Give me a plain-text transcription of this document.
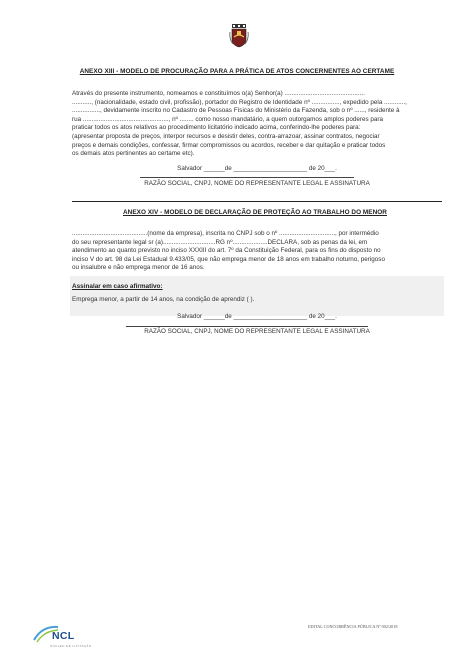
ANEXO XIII - MODELO DE PROCURAÇÃO PARA A PRÁTICA DE ATOS CONCERNENTES AO CERTAME

Através do presente instrumento, nomeamos e constituímos o(a) Senhor(a) ..............................................

..........., (nacionalidade, estado civil, profissão), portador do Registro de Identidade nº ................, expedido pela ............,

................, devidamente inscrito no Cadastro de Pessoas Físicas do Ministério da Fazenda, sob o nº ......, residente à

rua ................................................., nº ........ como nosso mandatário, a quem outorgamos amplos poderes para

praticar todos os atos relativos ao procedimento licitatório indicado acima, conferindo-lhe poderes para:

(apresentar proposta de preços, interpor recursos e desistir deles, contra-arrazoar, assinar contratos, negociar

preços e demais condições, confessar, firmar compromissos ou acordos, receber e dar quitação e praticar todos

os demais atos pertinentes ao certame etc).

Salvador ______de _____________________ de 20___.
RAZÃO SOCIAL, CNPJ, NOME DO REPRESENTANTE LEGAL E ASSINATURA
ANEXO XIV - MODELO DE DECLARAÇÃO DE PROTEÇÃO AO TRABALHO DO MENOR

...........................................(nome da empresa), inscrita no CNPJ sob o nº ................................, por intermédio

do seu representante legal sr (a)..............................RG nº....................DECLARA, sob as penas da lei, em

atendimento ao quanto previsto no inciso XXXIII do art. 7º da Constituição Federal, para os fins do disposto no

inciso V do art. 98 da Lei Estadual 9.433/05, que não emprega menor de 18 anos em trabalho noturno, perigoso

ou insalubre e não emprega menor de 16 anos.

Assinalar em caso afirmativo:
Emprega menor, a partir de 14 anos, na condição de aprendiz ( ).
Salvador ______de _____________________ de 20___.
RAZÃO SOCIAL, CNPJ, NOME DO REPRESENTANTE LEGAL E ASSINATURA
NCL
NÚCLEO DE LICITAÇÃO
EDITAL CONCORRÊNCIA PÚBLICA Nº 002/2018
